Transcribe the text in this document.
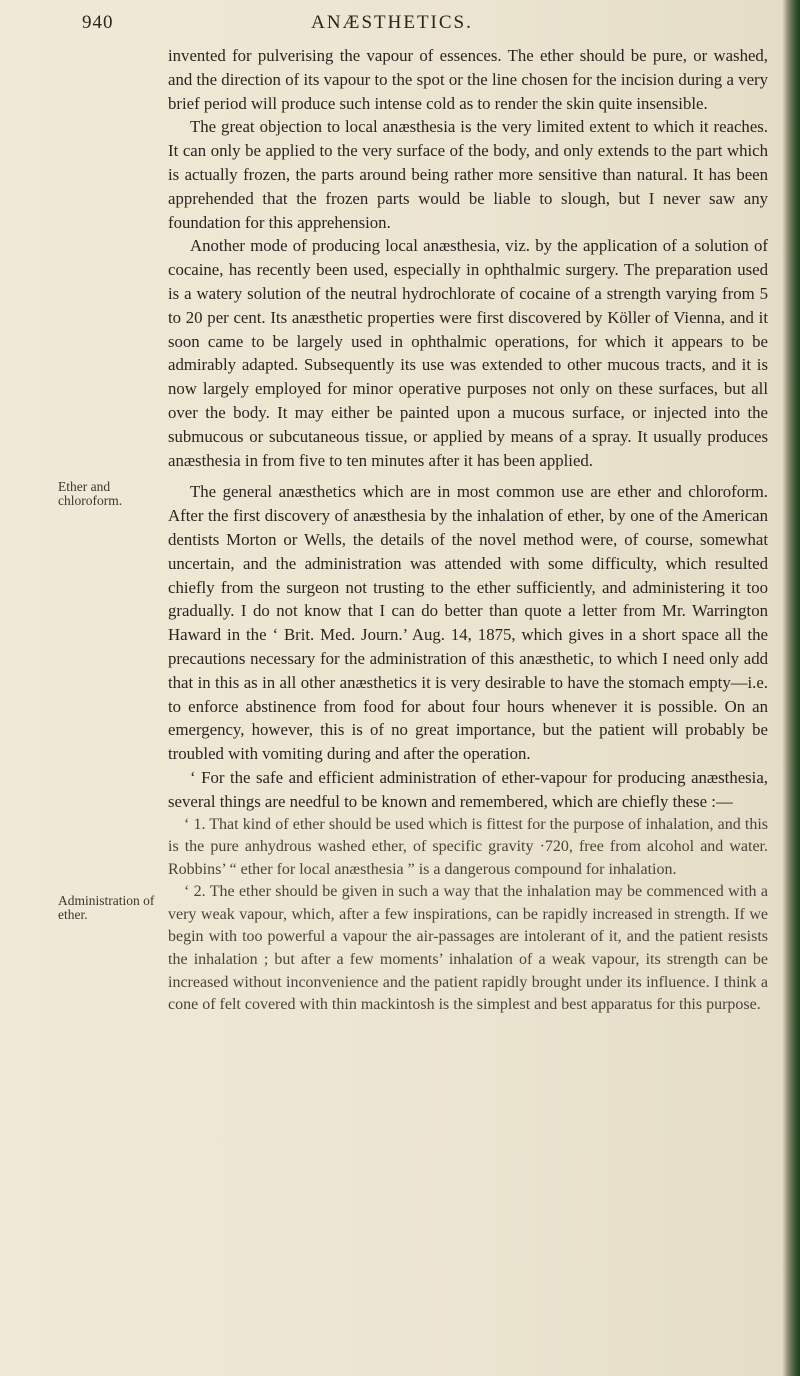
940	ANÆSTHETICS.
Ether and chloroform.
Administration of ether.

invented for pulverising the vapour of essences. The ether should be pure, or washed, and the direction of its vapour to the spot or the line chosen for the incision during a very brief period will produce such intense cold as to render the skin quite insensible.

The great objection to local anæsthesia is the very limited extent to which it reaches. It can only be applied to the very surface of the body, and only extends to the part which is actually frozen, the parts around being rather more sensitive than natural. It has been apprehended that the frozen parts would be liable to slough, but I never saw any foundation for this apprehension.

Another mode of producing local anæsthesia, viz. by the application of a solution of cocaine, has recently been used, especially in ophthalmic surgery. The preparation used is a watery solution of the neutral hydrochlorate of cocaine of a strength varying from 5 to 20 per cent. Its anæsthetic properties were first discovered by Köller of Vienna, and it soon came to be largely used in ophthalmic operations, for which it appears to be admirably adapted. Subsequently its use was extended to other mucous tracts, and it is now largely employed for minor operative purposes not only on these surfaces, but all over the body. It may either be painted upon a mucous surface, or injected into the submucous or subcutaneous tissue, or applied by means of a spray. It usually produces anæsthesia in from five to ten minutes after it has been applied.

The general anæsthetics which are in most common use are ether and chloroform. After the first discovery of anæsthesia by the inhalation of ether, by one of the American dentists Morton or Wells, the details of the novel method were, of course, somewhat uncertain, and the administration was attended with some difficulty, which resulted chiefly from the surgeon not trusting to the ether sufficiently, and administering it too gradually. I do not know that I can do better than quote a letter from Mr. Warrington Haward in the ‘ Brit. Med. Journ.’ Aug. 14, 1875, which gives in a short space all the precautions necessary for the administration of this anæsthetic, to which I need only add that in this as in all other anæsthetics it is very desirable to have the stomach empty—i.e. to enforce abstinence from food for about four hours whenever it is possible. On an emergency, however, this is of no great importance, but the patient will probably be troubled with vomiting during and after the operation.

‘ For the safe and efficient administration of ether-vapour for producing anæsthesia, several things are needful to be known and remembered, which are chiefly these :—

‘ 1. That kind of ether should be used which is fittest for the purpose of inhalation, and this is the pure anhydrous washed ether, of specific gravity ·720, free from alcohol and water. Robbins’ “ ether for local anæsthesia ” is a dangerous compound for inhalation.

‘ 2. The ether should be given in such a way that the inhalation may be commenced with a very weak vapour, which, after a few inspirations, can be rapidly increased in strength. If we begin with too powerful a vapour the air-passages are intolerant of it, and the patient resists the inhalation ; but after a few moments’ inhalation of a weak vapour, its strength can be increased without inconvenience and the patient rapidly brought under its influence. I think a cone of felt covered with thin mackintosh is the simplest and best apparatus for this purpose.
